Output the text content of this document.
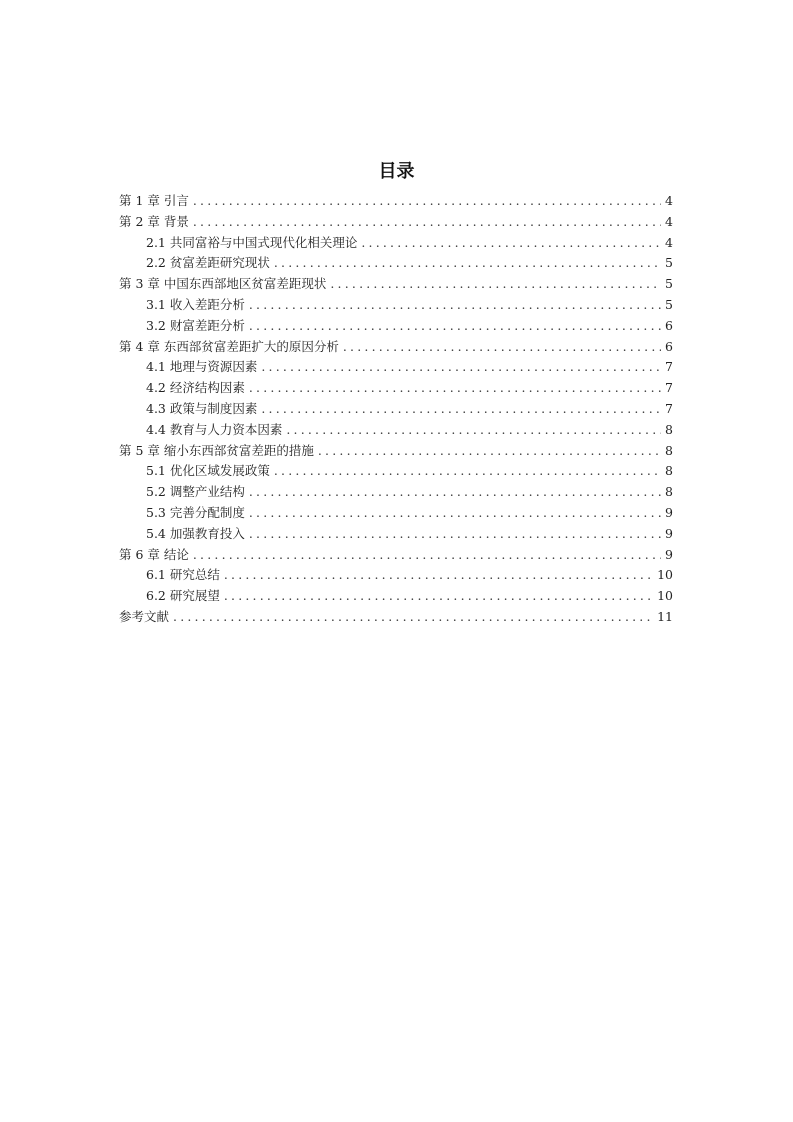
目录
第 1 章 引言 .....	4
第 2 章 背景 .....	4
2.1 共同富裕与中国式现代化相关理论 .....	4
2.2 贫富差距研究现状 .....	5
第 3 章 中国东西部地区贫富差距现状 .....	5
3.1 收入差距分析 .....	5
3.2 财富差距分析 .....	6
第 4 章 东西部贫富差距扩大的原因分析 .....	6
4.1 地理与资源因素 .....	7
4.2 经济结构因素 .....	7
4.3 政策与制度因素 .....	7
4.4 教育与人力资本因素 .....	8
第 5 章 缩小东西部贫富差距的措施 .....	8
5.1 优化区域发展政策 .....	8
5.2 调整产业结构 .....	8
5.3 完善分配制度 .....	9
5.4 加强教育投入 .....	9
第 6 章 结论 .....	9
6.1 研究总结 .....	10
6.2 研究展望 .....	10
参考文献 .....	11
